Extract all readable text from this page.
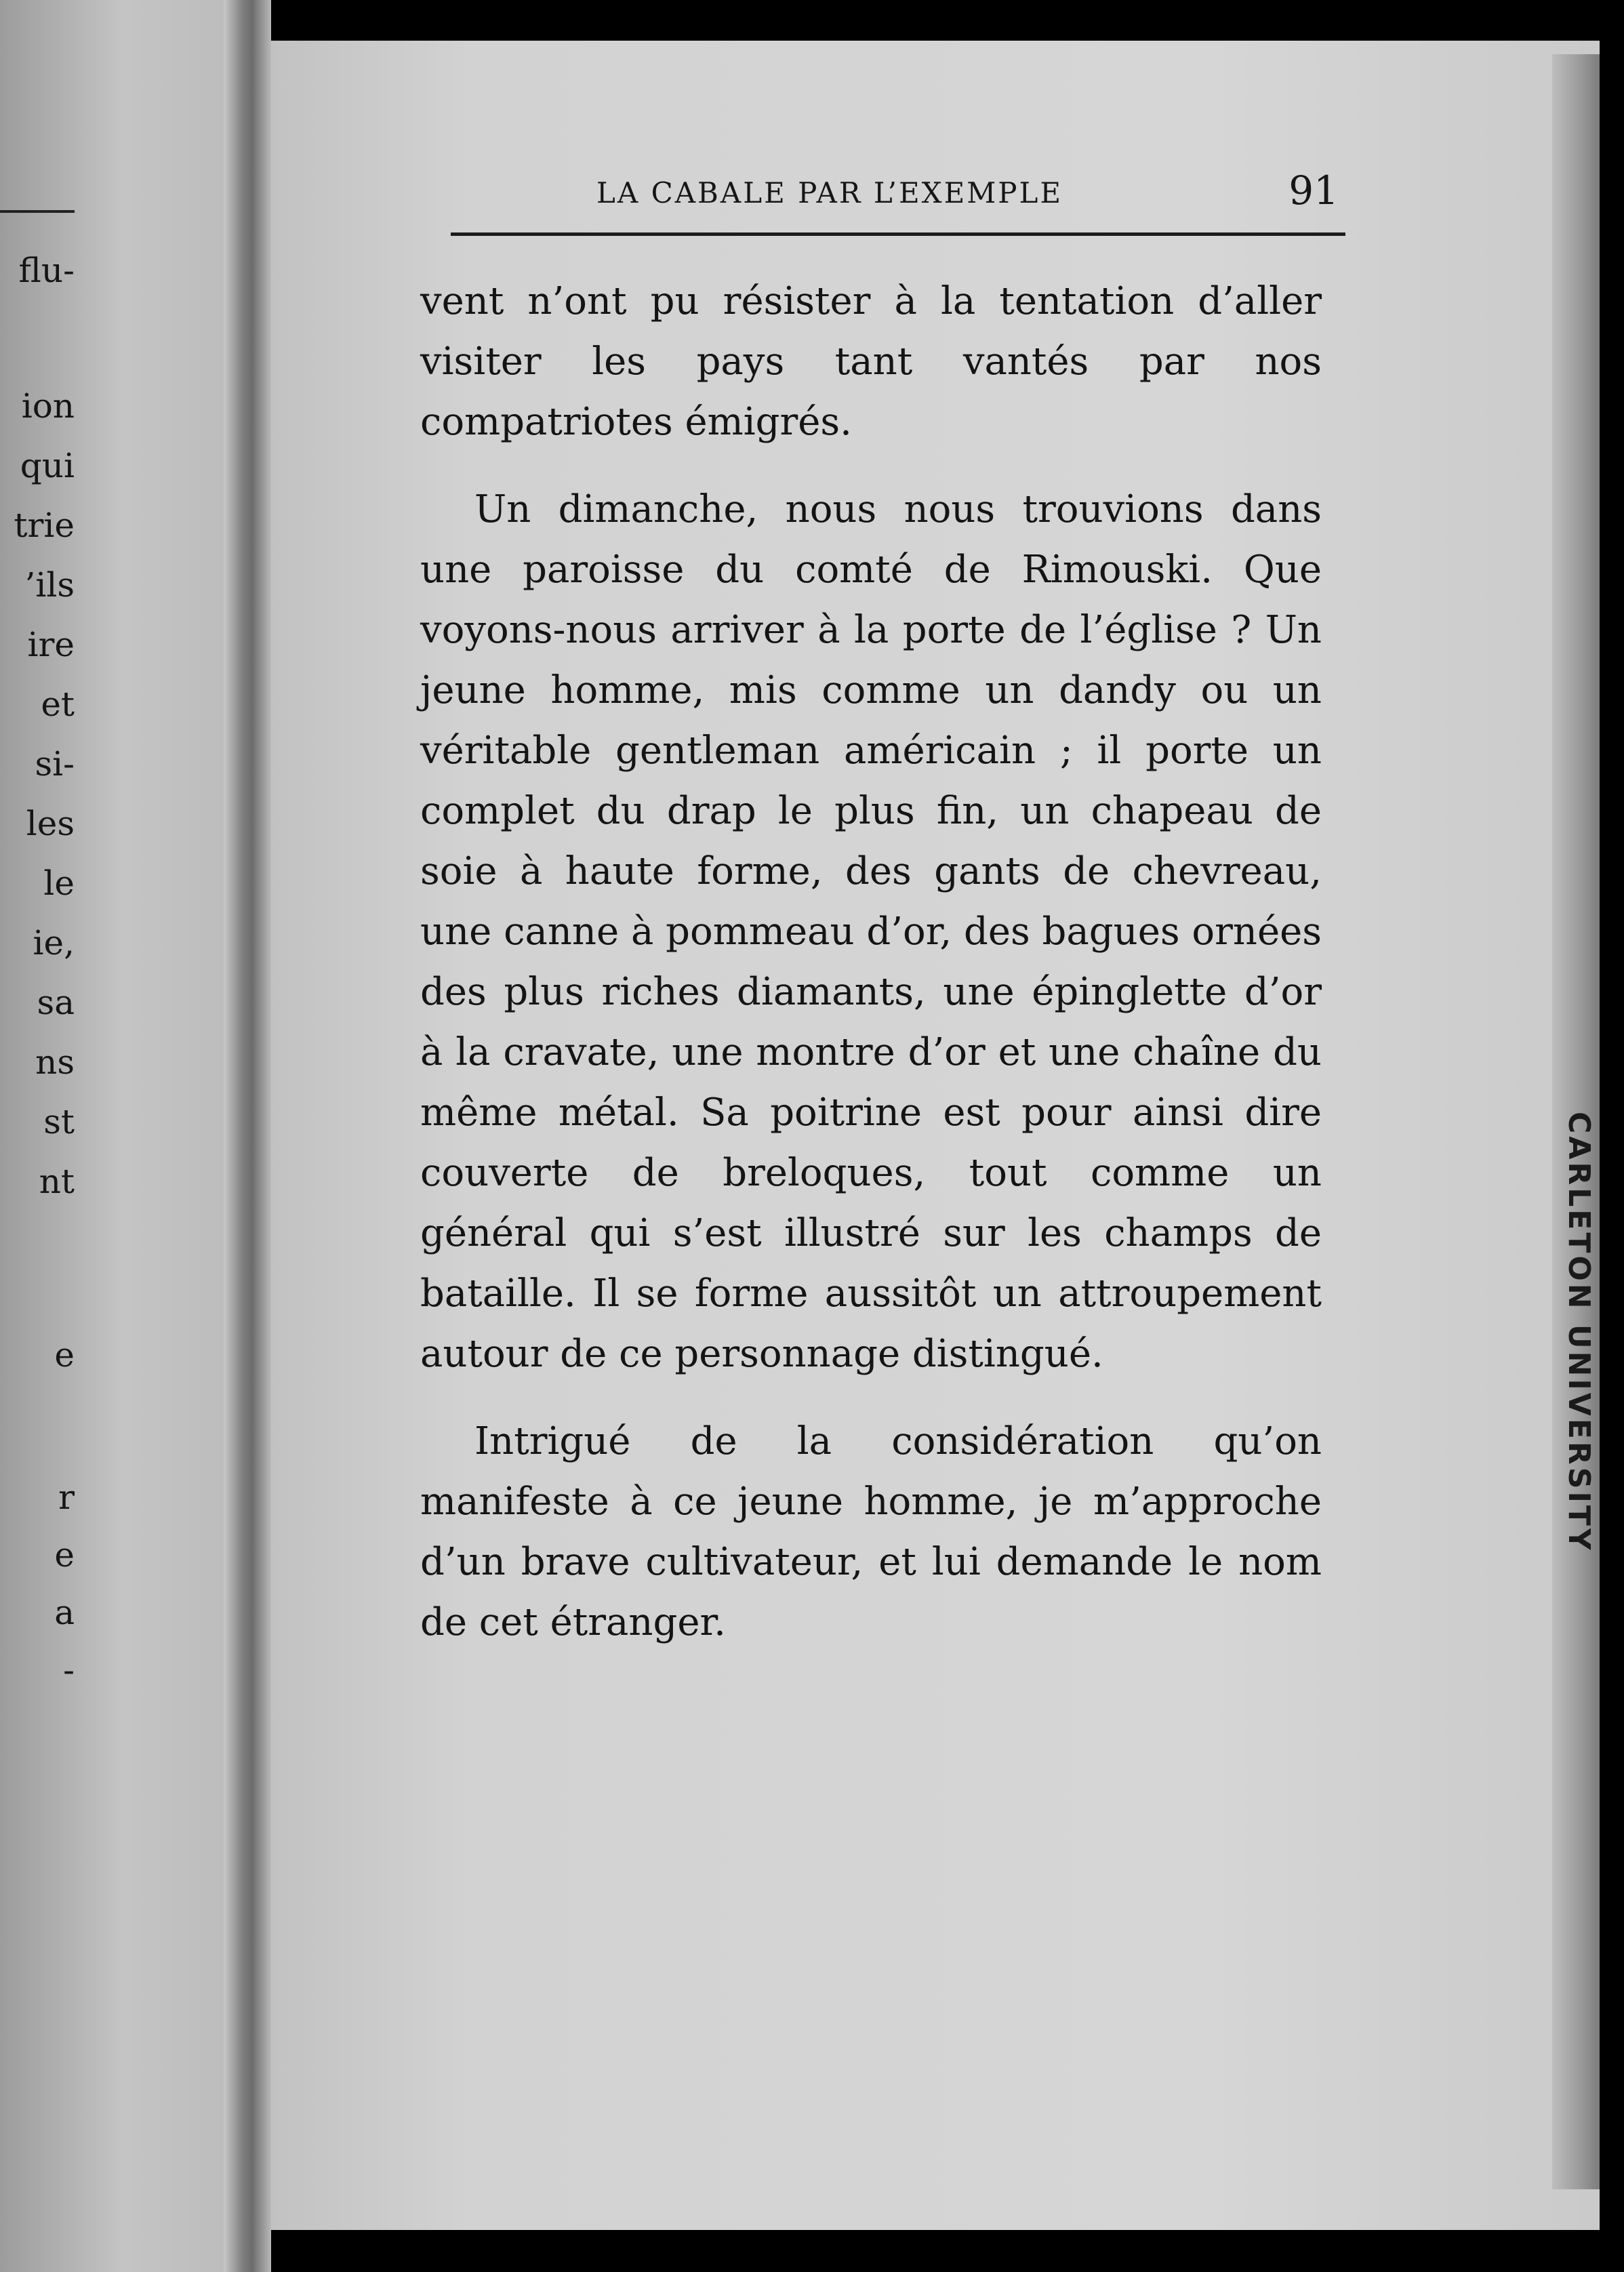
flu-
ion
qui
trie
’ils
ire
et
si-
les
le
ie,
sa
ns
st
nt
e
r
e
a
-
CARLETON UNIVERSITY
LA CABALE PAR L’EXEMPLE	91

vent n’ont pu résister à la tentation d’aller visiter les pays tant vantés par nos compatriotes émigrés.

Un dimanche, nous nous trouvions dans une paroisse du comté de Rimouski. Que voyons-nous arriver à la porte de l’église ? Un jeune homme, mis comme un dandy ou un véritable gentleman américain ; il porte un complet du drap le plus fin, un chapeau de soie à haute forme, des gants de chevreau, une canne à pommeau d’or, des bagues ornées des plus riches diamants, une épinglette d’or à la cravate, une montre d’or et une chaîne du même métal. Sa poitrine est pour ainsi dire couverte de breloques, tout comme un général qui s’est illustré sur les champs de bataille. Il se forme aussitôt un attroupement autour de ce personnage distingué.

Intrigué de la considération qu’on manifeste à ce jeune homme, je m’approche d’un brave cultivateur, et lui demande le nom de cet étranger.
